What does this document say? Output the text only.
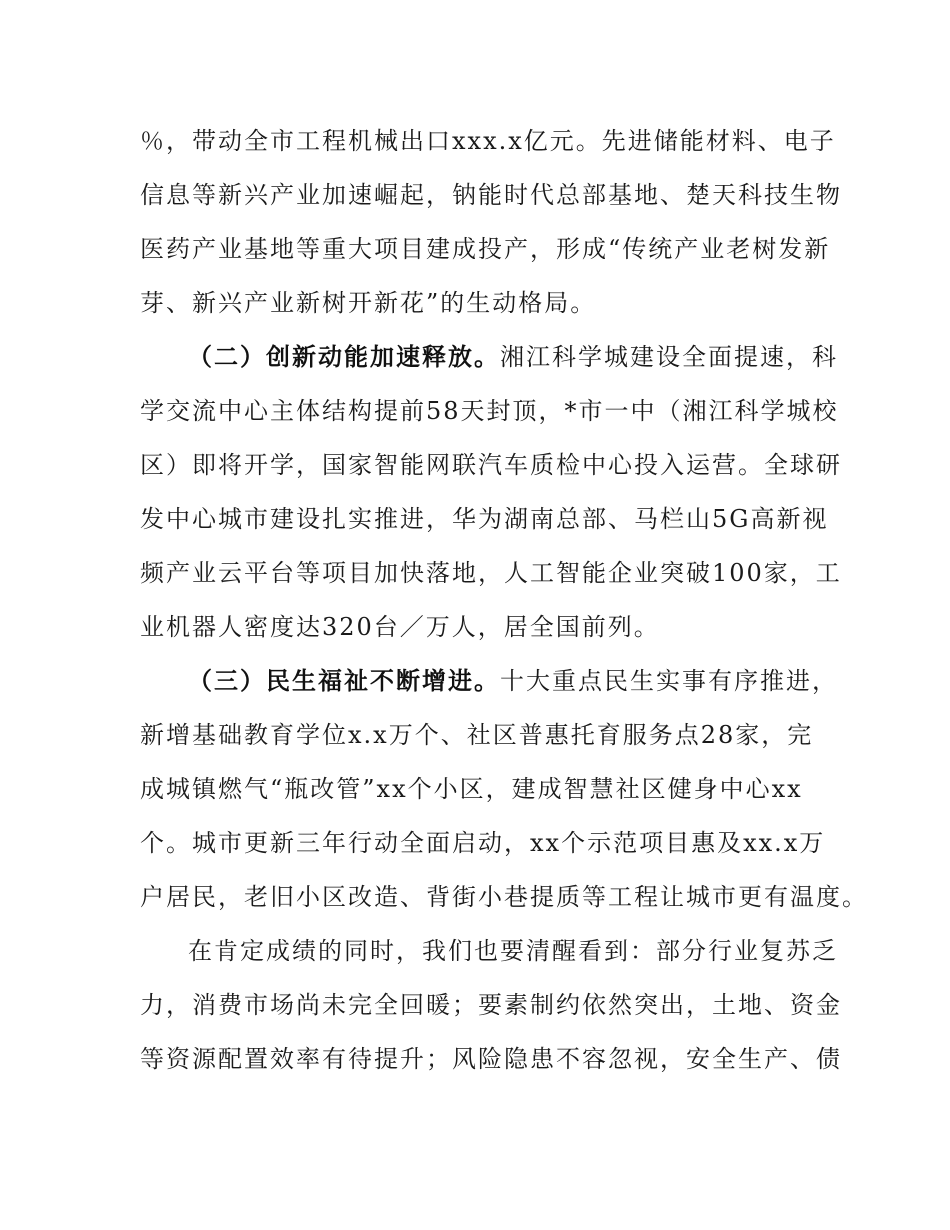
％，带动全市工程机械出口xxx.x亿元。先进储能材料、电子
信息等新兴产业加速崛起，钠能时代总部基地、楚天科技生物
医药产业基地等重大项目建成投产，形成“传统产业老树发新
芽、新兴产业新树开新花”的生动格局。
（二）创新动能加速释放。湘江科学城建设全面提速，科
学交流中心主体结构提前58天封顶，*市一中（湘江科学城校
区）即将开学，国家智能网联汽车质检中心投入运营。全球研
发中心城市建设扎实推进，华为湖南总部、马栏山5G高新视
频产业云平台等项目加快落地，人工智能企业突破100家，工
业机器人密度达320台／万人，居全国前列。
（三）民生福祉不断增进。十大重点民生实事有序推进，
新增基础教育学位x.x万个、社区普惠托育服务点28家，完
成城镇燃气“瓶改管”xx个小区，建成智慧社区健身中心xx
个。城市更新三年行动全面启动，xx个示范项目惠及xx.x万
户居民，老旧小区改造、背街小巷提质等工程让城市更有温度。
在肯定成绩的同时，我们也要清醒看到：部分行业复苏乏
力，消费市场尚未完全回暖；要素制约依然突出，土地、资金
等资源配置效率有待提升；风险隐患不容忽视，安全生产、债
